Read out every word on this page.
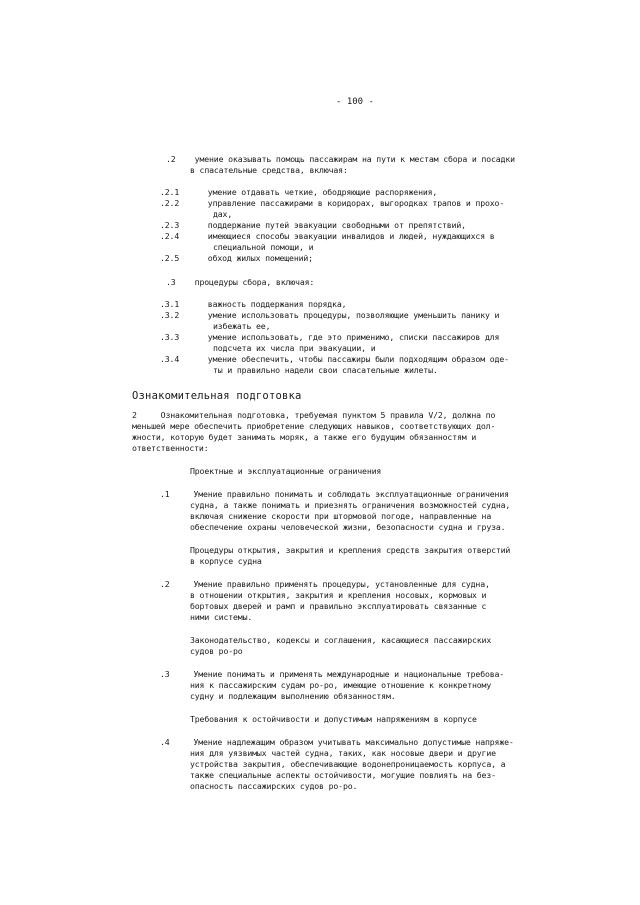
- 100 -
Ознакомительная подготовка
.2    умение оказывать помощь пассажирам на пути к местам сбора и посадки
в спасательные средства, включая:
.2.1      умение отдавать четкие, ободряющие распоряжения,
.2.2      управление пассажирами в коридорах, выгородках трапов и прохо-
дах,
.2.3      поддержание путей эвакуации свободными от препятствий,
.2.4      имеющиеся способы эвакуации инвалидов и людей, нуждающихся в
специальной помощи, и
.2.5      обход жилых помещений;
.3    процедуры сбора, включая:
.3.1      важность поддержания порядка,
.3.2      умение использовать процедуры, позволяющие уменьшить панику и
избежать ее,
.3.3      умение использовать, где это применимо, списки пассажиров для
подсчета их числа при эвакуации, и
.3.4      умение обеспечить, чтобы пассажиры были подходящим образом оде-
ты и правильно надели свои спасательные жилеты.
2     Ознакомительная подготовка, требуемая пунктом 5 правила V/2, должна по
меньшей мере обеспечить приобретение следующих навыков, соответствующих дол-
жности, которую будет занимать моряк, а также его будущим обязанностям и
ответственности:
Проектные и эксплуатационные ограничения
.1     Умение правильно понимать и соблюдать эксплуатационные ограничения
судна, а также понимать и приезнять ограничения возможностей судна,
включая снижение скорости при штормовой погоде, направленные на
обеспечение охраны человеческой жизни, безопасности судна и груза.
Процедуры открытия, закрытия и крепления средств закрытия отверстий
в корпусе судна
.2     Умение правильно применять процедуры, установленные для судна,
в отношении открытия, закрытия и крепления носовых, кормовых и
бортовых дверей и рамп и правильно эксплуатировать связанные с
ними системы.
Законодательство, кодексы и соглашения, касающиеся пассажирских
судов ро-ро
.3     Умение понимать и применять международные и национальные требова-
ния к пассажирским судам ро-ро, имеющие отношение к конкретному
судну и подлежащим выполнению обязанностям.
Требования к остойчивости и допустимым напряжениям в корпусе
.4     Умение надлежащим образом учитывать максимально допустимые напряже-
ния для уязвимых частей судна, таких, как носовые двери и другие
устройства закрытия, обеспечивающие водонепроницаемость корпуса, а
также специальные аспекты остойчивости, могущие повлиять на без-
опасность пассажирских судов ро-ро.
